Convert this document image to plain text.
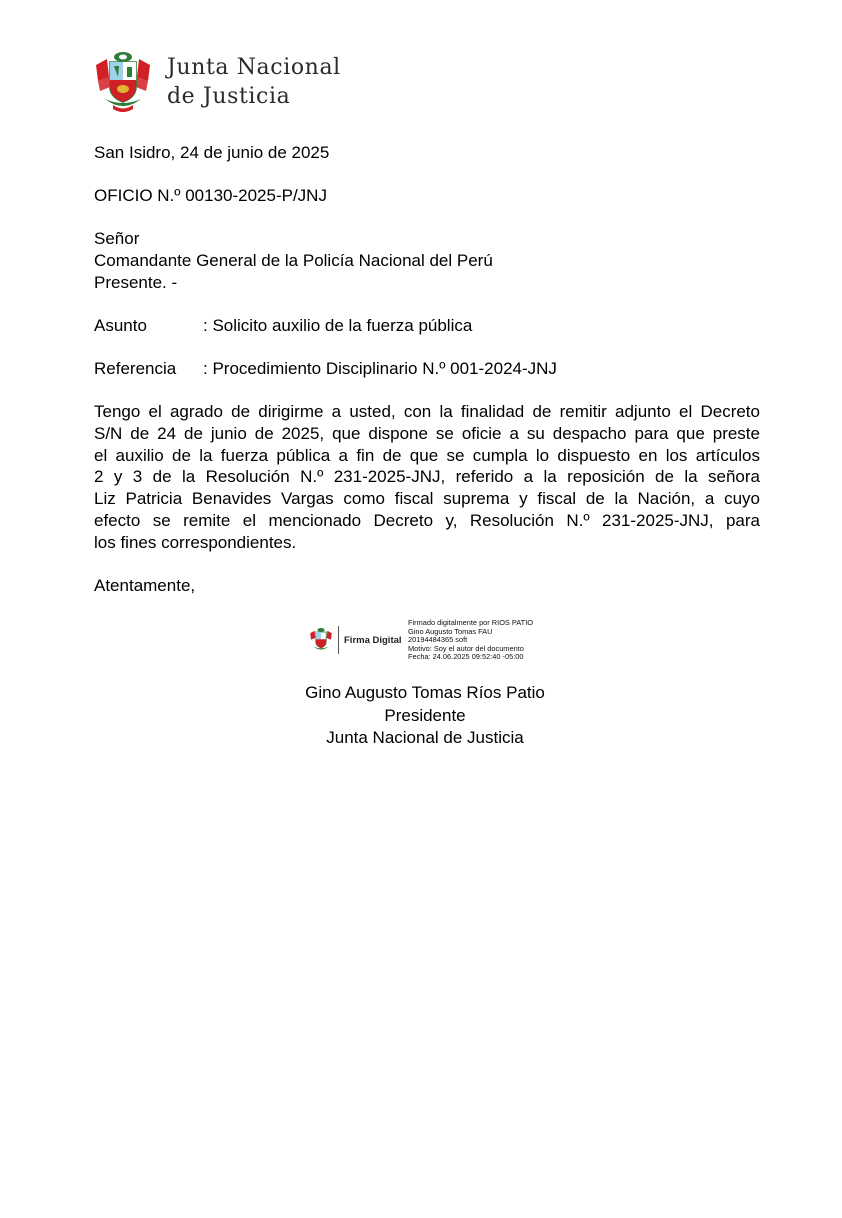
Junta Nacional
de Justicia
San Isidro, 24 de junio de 2025
OFICIO N.º 00130-2025-P/JNJ
Señor
Comandante General de la Policía Nacional del Perú
Presente. -
Asunto	: Solicito auxilio de la fuerza pública
Referencia : Procedimiento Disciplinario N.º 001-2024-JNJ
Tengo el agrado de dirigirme a usted, con la finalidad de remitir adjunto el Decreto
S/N de 24 de junio de 2025, que dispone se oficie a su despacho para que preste
el auxilio de la fuerza pública a fin de que se cumpla lo dispuesto en los artículos
2 y 3 de la Resolución N.º 231-2025-JNJ, referido a la reposición de la señora
Liz Patricia Benavides Vargas como fiscal suprema y fiscal de la Nación, a cuyo
efecto se remite el mencionado Decreto y, Resolución N.º 231-2025-JNJ, para
los fines correspondientes.
Atentamente,
Firma Digital
Firmado digitalmente por RIOS PATIO
Gino Augusto Tomas FAU
20194484365 soft
Motivo: Soy el autor del documento
Fecha: 24.06.2025 09:52:40 -05:00
Gino Augusto Tomas Ríos Patio
Presidente
Junta Nacional de Justicia
